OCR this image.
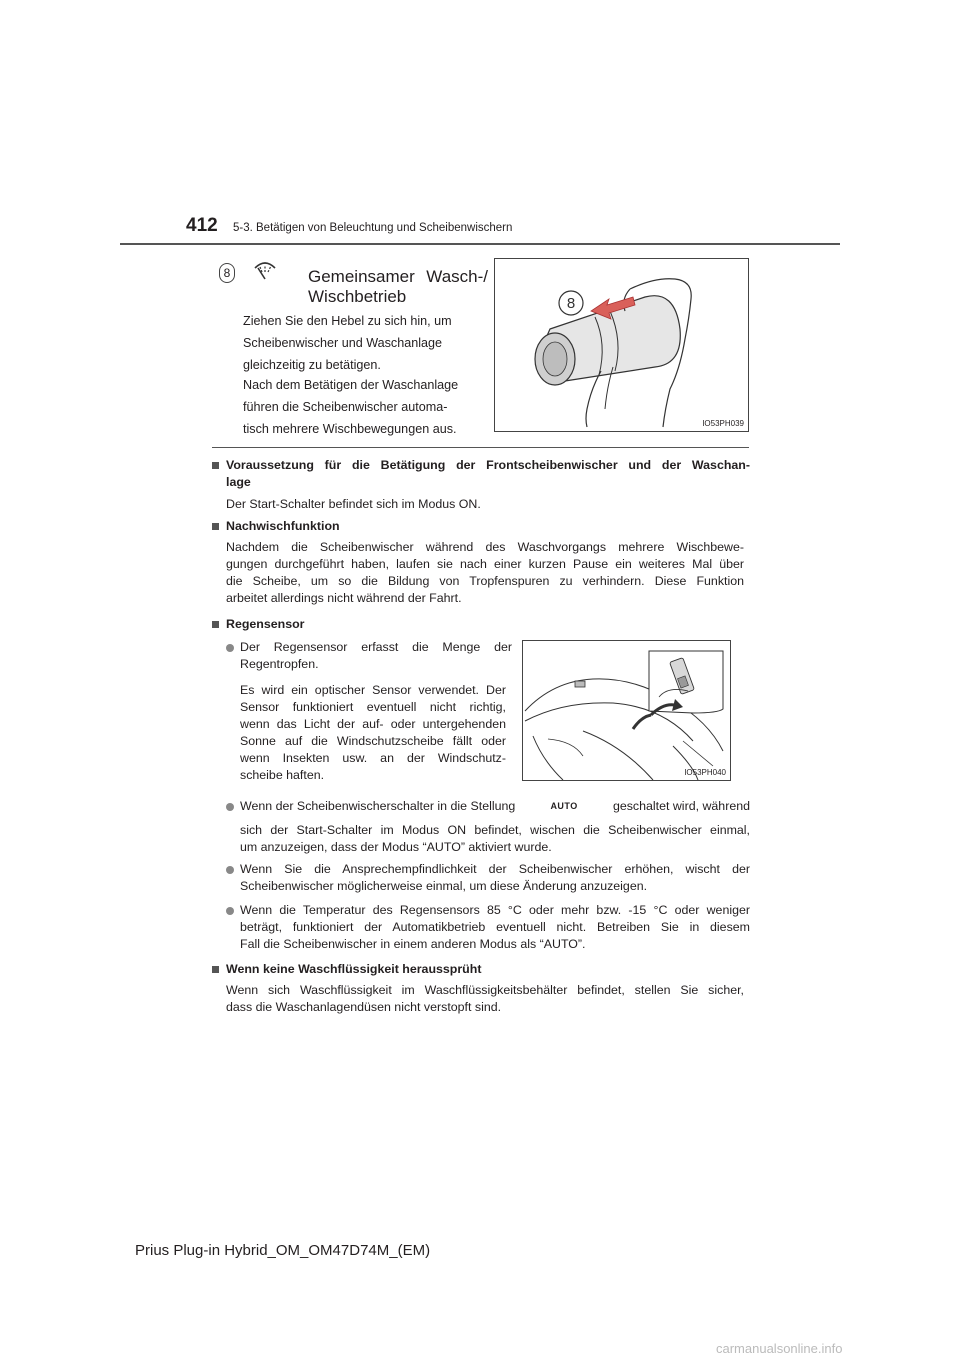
412 5-3. Betätigen von Beleuchtung und Scheibenwischern
8	Gemeinsamer Wasch-/
Wischbetrieb
Ziehen Sie den Hebel zu sich hin, um
Scheibenwischer und Waschanlage
gleichzeitig zu betätigen.
Nach dem Betätigen der Waschanlage
führen die Scheibenwischer automa-
tisch mehrere Wischbewegungen aus.
8
IO53PH039
Voraussetzung für die Betätigung der Frontscheibenwischer und der Waschan-
lage
Der Start-Schalter befindet sich im Modus ON.
Nachwischfunktion
Nachdem die Scheibenwischer während des Waschvorgangs mehrere Wischbewe-
gungen durchgeführt haben, laufen sie nach einer kurzen Pause ein weiteres Mal über
die Scheibe, um so die Bildung von Tropfenspuren zu verhindern. Diese Funktion
arbeitet allerdings nicht während der Fahrt.
Regensensor
Der Regensensor erfasst die Menge der
Regentropfen.
Es wird ein optischer Sensor verwendet. Der
Sensor funktioniert eventuell nicht richtig,
wenn das Licht der auf- oder untergehenden
Sonne auf die Windschutzscheibe fällt oder
wenn Insekten usw. an der Windschutz-
scheibe haften.	IO53PH040
Wenn der Scheibenwischerschalter in die Stellung	AUTO	geschaltet wird, während
sich der Start-Schalter im Modus ON befindet, wischen die Scheibenwischer einmal,
um anzuzeigen, dass der Modus “AUTO” aktiviert wurde.
Wenn Sie die Ansprechempfindlichkeit der Scheibenwischer erhöhen, wischt der
Scheibenwischer möglicherweise einmal, um diese Änderung anzuzeigen.
Wenn die Temperatur des Regensensors 85 °C oder mehr bzw. -15 °C oder weniger
beträgt, funktioniert der Automatikbetrieb eventuell nicht. Betreiben Sie in diesem
Fall die Scheibenwischer in einem anderen Modus als “AUTO”.
Wenn keine Waschflüssigkeit heraussprüht
Wenn sich Waschflüssigkeit im Waschflüssigkeitsbehälter befindet, stellen Sie sicher,
dass die Waschanlagendüsen nicht verstopft sind.
Prius Plug-in Hybrid_OM_OM47D74M_(EM)
carmanualsonline.info
